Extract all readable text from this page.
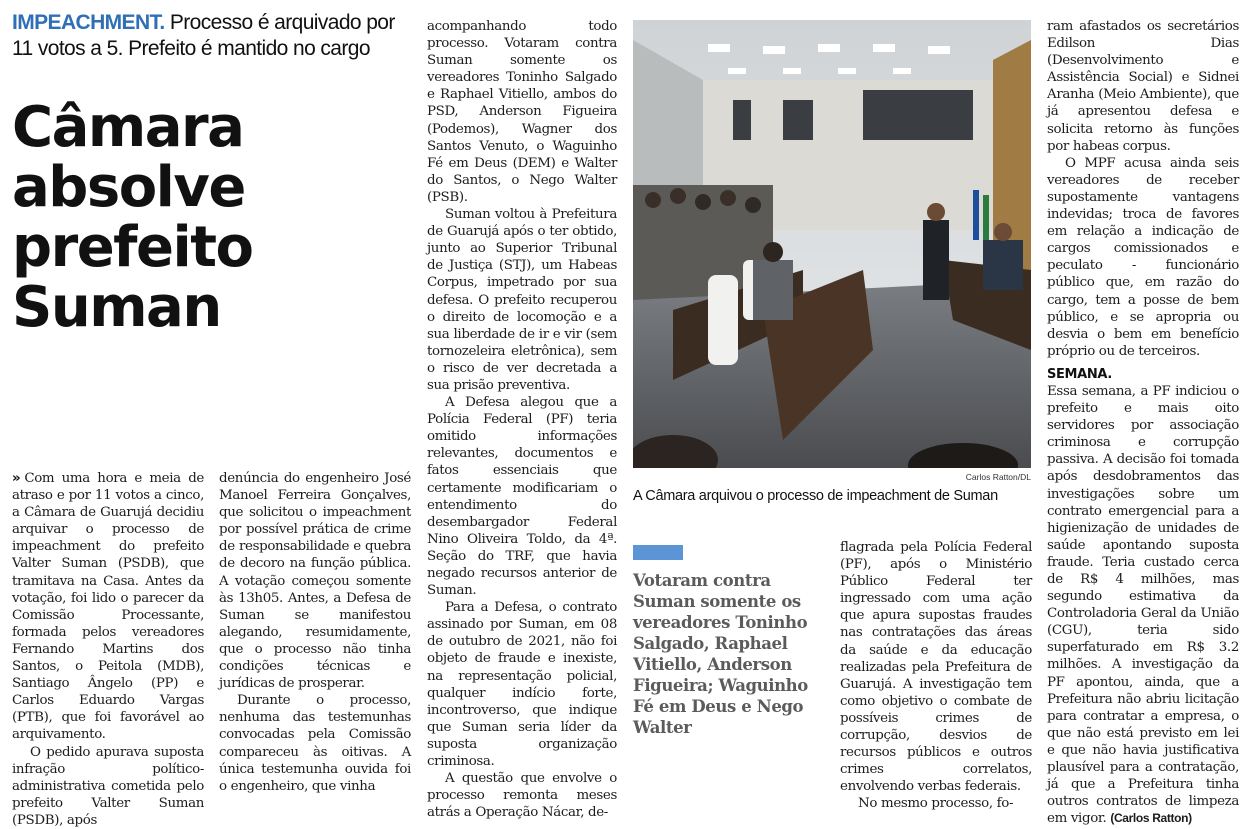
IMPEACHMENT. Processo é arquivado por 11 votos a 5. Prefeito é mantido no cargo
Câmara
absolve
prefeito
Suman

» Com uma hora e meia de atraso e por 11 votos a cinco, a Câmara de Guarujá decidiu arquivar o processo de impeachment do prefeito Valter Suman (PSDB), que tramitava na Casa. Antes da votação, foi lido o parecer da Comissão Processante, formada pelos vereadores Fernando Martins dos Santos, o Peitola (MDB), Santiago Ângelo (PP) e Carlos Eduardo Vargas (PTB), que foi favorável ao arquivamento.

O pedido apurava suposta infração político-administrativa cometida pelo prefeito Valter Suman (PSDB), após

denúncia do engenheiro José Manoel Ferreira Gonçalves, que solicitou o impeachment por possível prática de crime de responsabilidade e quebra de decoro na função pública. A votação começou somente às 13h05. Antes, a Defesa de Suman se manifestou alegando, resumidamente, que o processo não tinha condições técnicas e jurídicas de prosperar.

Durante o processo, nenhuma das testemunhas convocadas pela Comissão compareceu às oitivas. A única testemunha ouvida foi o engenheiro, que vinha

acompanhando todo processo. Votaram contra Suman somente os vereadores Toninho Salgado e Raphael Vitiello, ambos do PSD, Anderson Figueira (Podemos), Wagner dos Santos Venuto, o Waguinho Fé em Deus (DEM) e Walter do Santos, o Nego Walter (PSB).

Suman voltou à Prefeitura de Guarujá após o ter obtido, junto ao Superior Tribunal de Justiça (STJ), um Habeas Corpus, impetrado por sua defesa. O prefeito recuperou o direito de locomoção e a sua liberdade de ir e vir (sem tornozeleira eletrônica), sem o risco de ver decretada a sua prisão preventiva.

A Defesa alegou que a Polícia Federal (PF) teria omitido informações relevantes, documentos e fatos essenciais que certamente modificariam o entendimento do desembargador Federal Nino Oliveira Toldo, da 4ª. Seção do TRF, que havia negado recursos anterior de Suman.

Para a Defesa, o contrato assinado por Suman, em 08 de outubro de 2021, não foi objeto de fraude e inexiste, na representação policial, qualquer indício forte, incontroverso, que indique que Suman seria líder da suposta organização criminosa.

A questão que envolve o processo remonta meses atrás a Operação Nácar, de-

Carlos Ratton/DL
A Câmara arquivou o processo de impeachment de Suman
Votaram contra Suman somente os vereadores Toninho Salgado, Raphael Vitiello, Anderson Figueira; Waguinho Fé em Deus e Nego Walter

flagrada pela Polícia Federal (PF), após o Ministério Público Federal ter ingressado com uma ação que apura supostas fraudes nas contratações das áreas da saúde e da educação realizadas pela Prefeitura de Guarujá. A investigação tem como objetivo o combate de possíveis crimes de corrupção, desvios de recursos públicos e outros crimes correlatos, envolvendo verbas federais.

No mesmo processo, fo-

ram afastados os secretários Edilson Dias (Desenvolvimento e Assistência Social) e Sidnei Aranha (Meio Ambiente), que já apresentou defesa e solicita retorno às funções por habeas corpus.

O MPF acusa ainda seis vereadores de receber supostamente vantagens indevidas; troca de favores em relação a indicação de cargos comissionados e peculato - funcionário público que, em razão do cargo, tem a posse de bem público, e se apropria ou desvia o bem em benefício próprio ou de terceiros.

SEMANA.

Essa semana, a PF indiciou o prefeito e mais oito servidores por associação criminosa e corrupção passiva. A decisão foi tomada após desdobramentos das investigações sobre um contrato emergencial para a higienização de unidades de saúde apontando suposta fraude. Teria custado cerca de R$ 4 milhões, mas segundo estimativa da Controladoria Geral da União (CGU), teria sido superfaturado em R$ 3.2 milhões. A investigação da PF apontou, ainda, que a Prefeitura não abriu licitação para contratar a empresa, o que não está previsto em lei e que não havia justificativa plausível para a contratação, já que a Prefeitura tinha outros contratos de limpeza em vigor. (Carlos Ratton)
